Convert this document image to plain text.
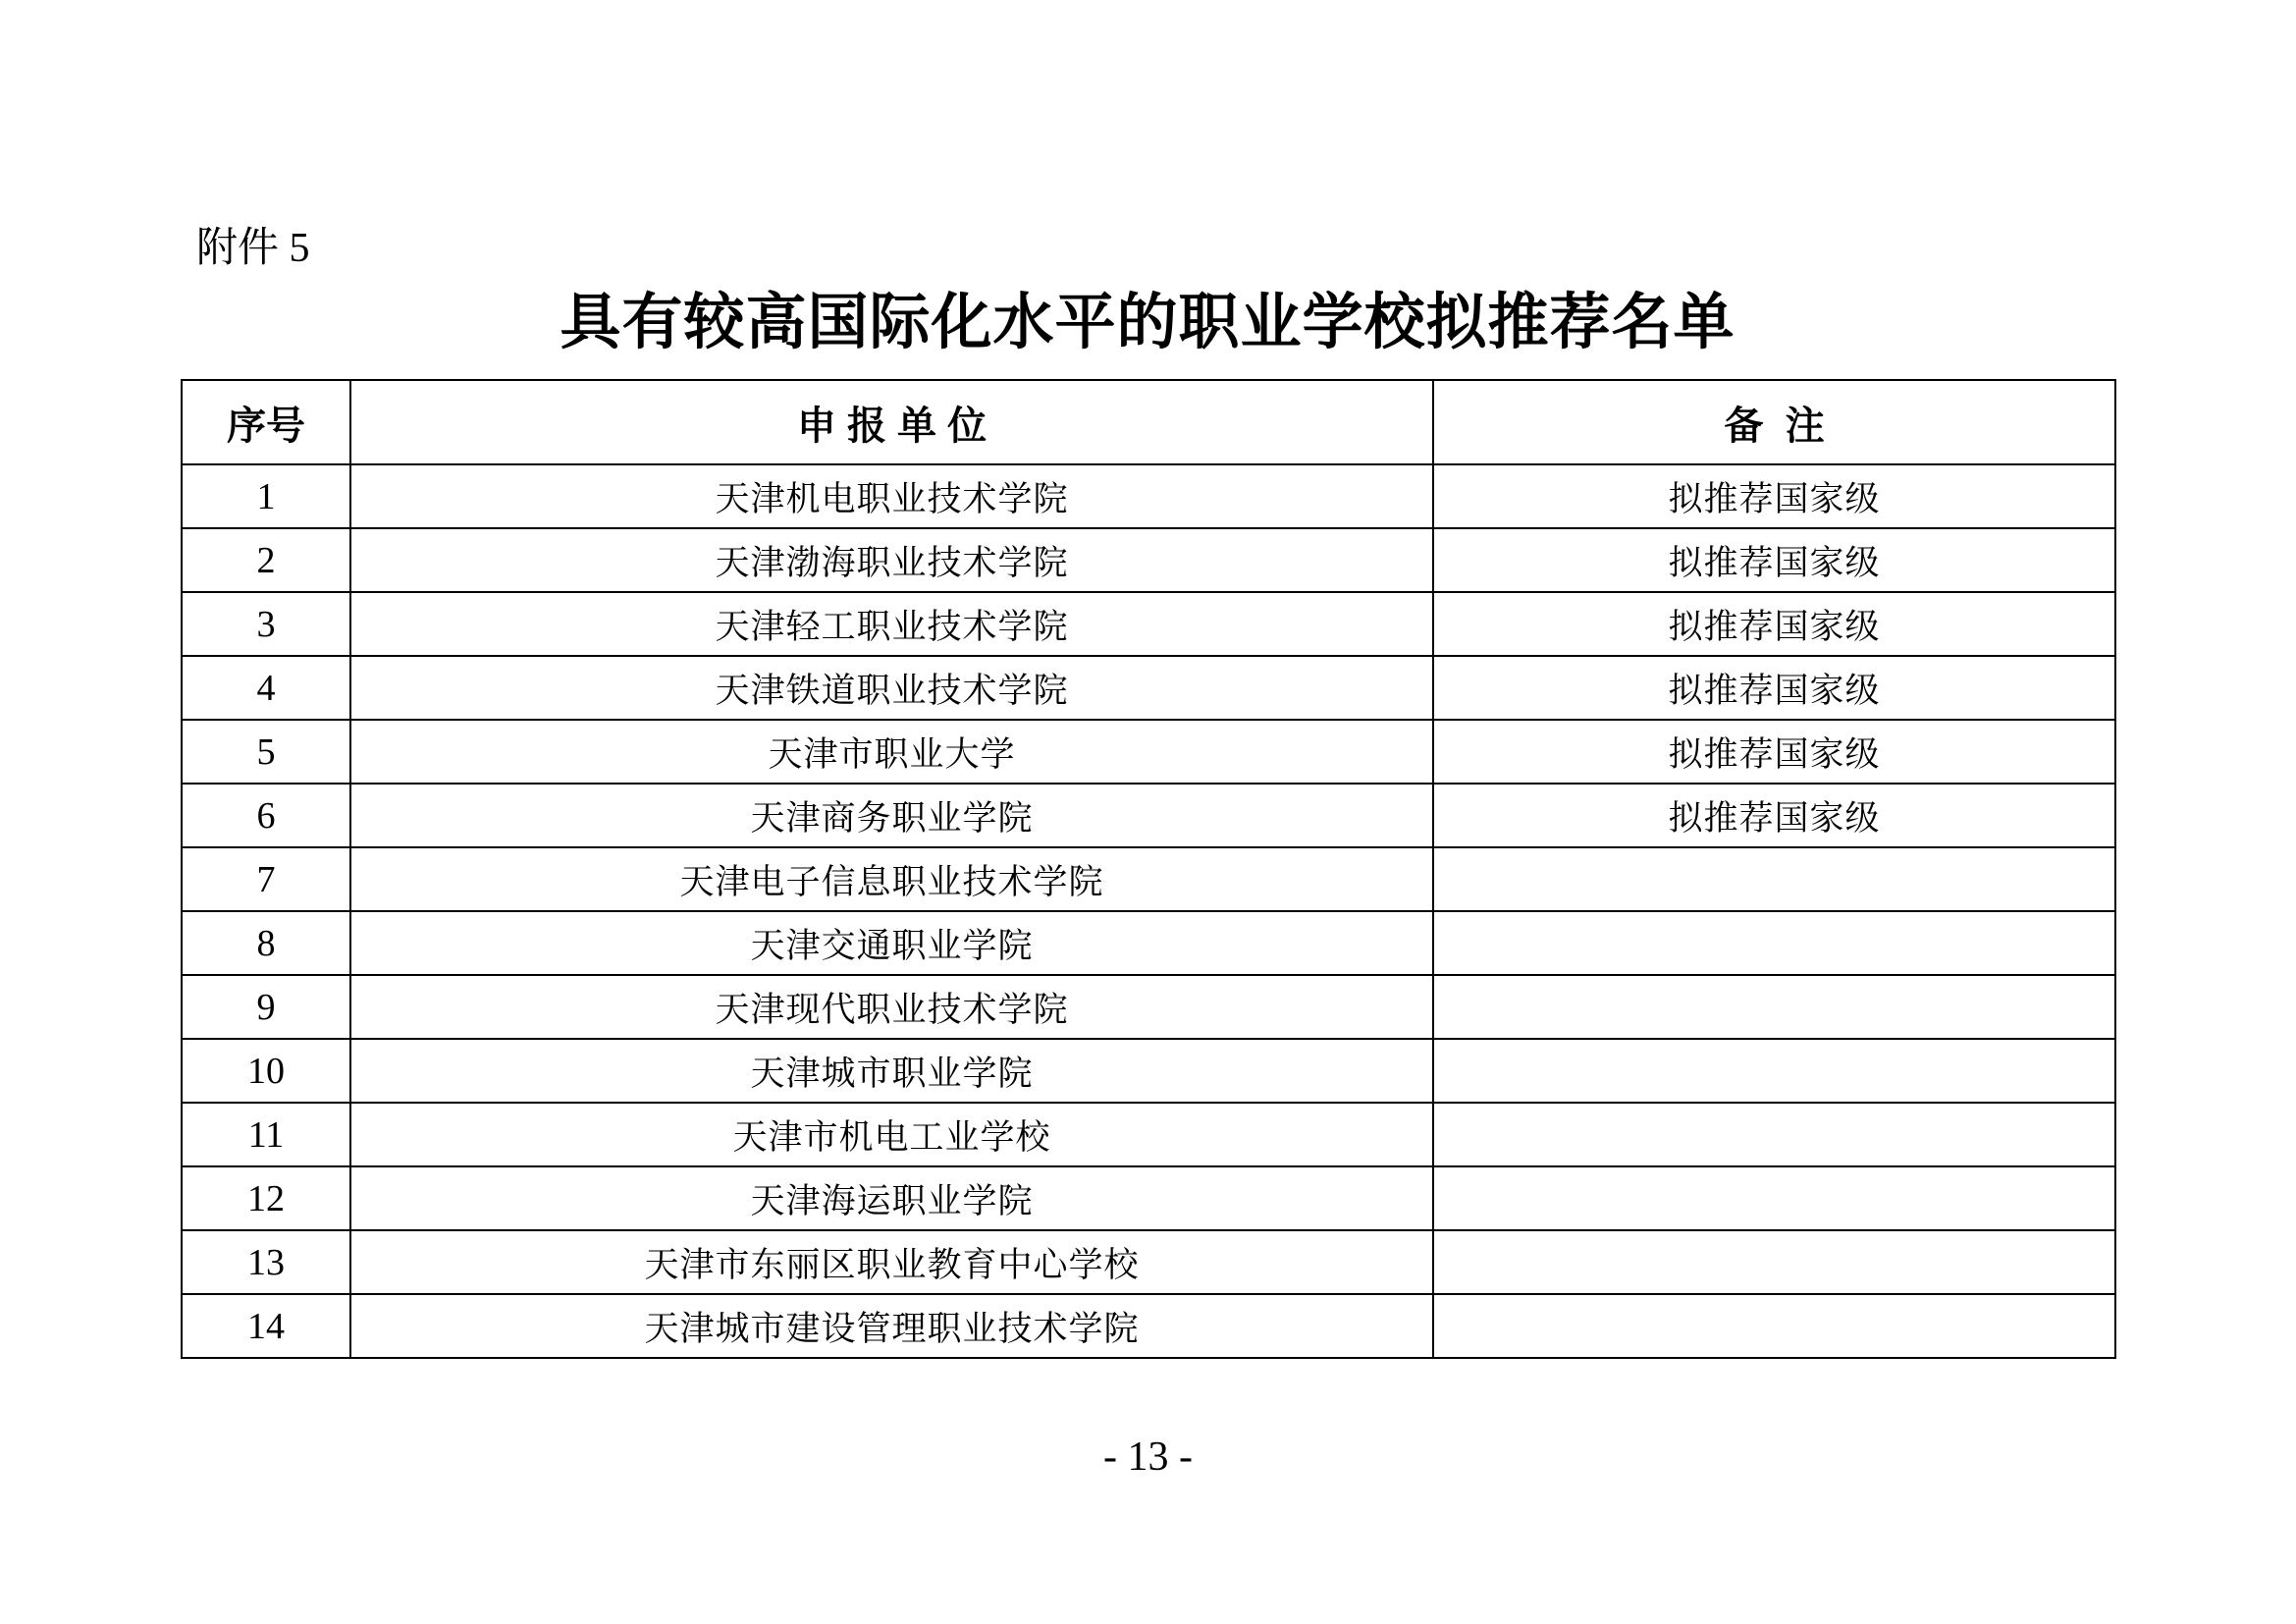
附件 5
具有较高国际化水平的职业学校拟推荐名单
序号	申 报 单 位	备  注
1	天津机电职业技术学院	拟推荐国家级
2	天津渤海职业技术学院	拟推荐国家级
3	天津轻工职业技术学院	拟推荐国家级
4	天津铁道职业技术学院	拟推荐国家级
5	天津市职业大学	拟推荐国家级
6	天津商务职业学院	拟推荐国家级
7	天津电子信息职业技术学院	
8	天津交通职业学院	
9	天津现代职业技术学院	
10	天津城市职业学院	
11	天津市机电工业学校	
12	天津海运职业学院	
13	天津市东丽区职业教育中心学校	
14	天津城市建设管理职业技术学院	
- 13 -
